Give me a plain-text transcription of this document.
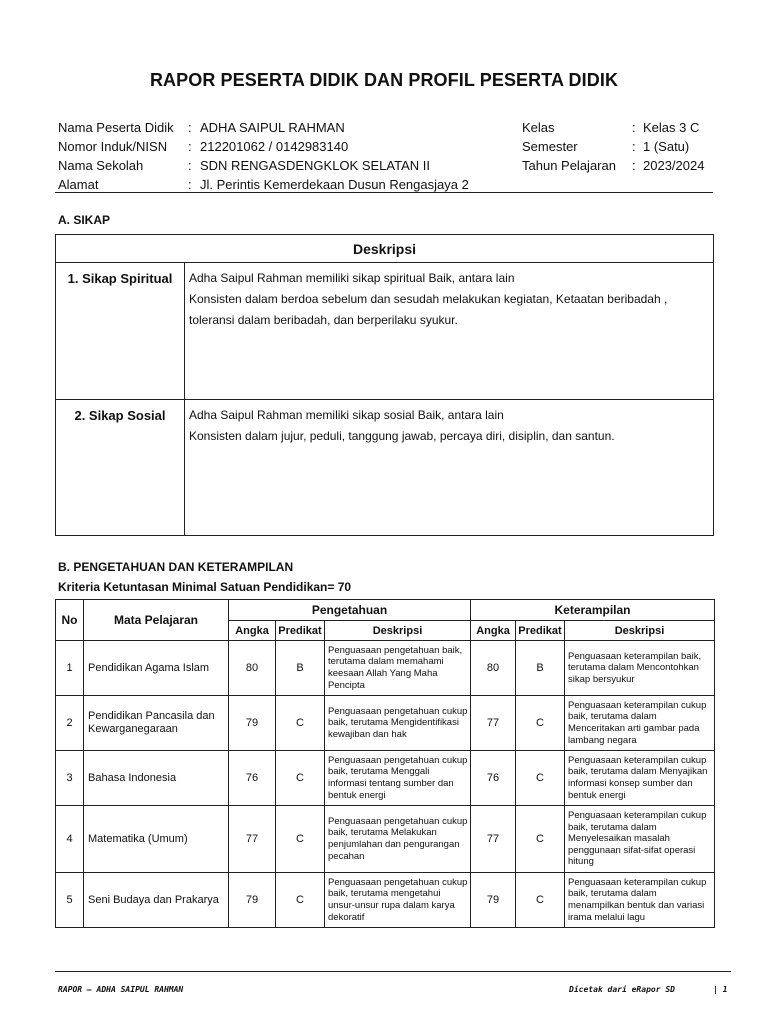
RAPOR PESERTA DIDIK DAN PROFIL PESERTA DIDIK
Nama Peserta Didik	: ADHA SAIPUL RAHMAN
Nomor Induk/NISN	: 212201062 / 0142983140
Nama Sekolah	: SDN RENGASDENGKLOK SELATAN II
Alamat	: Jl. Perintis Kemerdekaan Dusun Rengasjaya 2
Kelas	: Kelas 3 C
Semester	: 1 (Satu)
Tahun Pelajaran	: 2023/2024
A. SIKAP
Deskripsi	
1. Sikap Spiritual	Adha Saipul Rahman memiliki sikap spiritual Baik, antara lain
Konsisten dalam berdoa sebelum dan sesudah melakukan kegiatan, Ketaatan beribadah ,
toleransi dalam beribadah, dan berperilaku syukur.

2. Sikap Sosial	Adha Saipul Rahman memiliki sikap sosial Baik, antara lain
Konsisten dalam jujur, peduli, tanggung jawab, percaya diri, disiplin, dan santun.
B. PENGETAHUAN DAN KETERAMPILAN
Kriteria Ketuntasan Minimal Satuan Pendidikan= 70
No	Mata Pelajaran	Pengetahuan			Keterampilan		
		Angka	Predikat	Deskripsi	Angka	Predikat	Deskripsi
1	Pendidikan Agama Islam	80	B	Penguasaan pengetahuan baik, terutama dalam memahami keesaan Allah Yang Maha Pencipta	80	B	Penguasaan keterampilan baik, terutama dalam Mencontohkan sikap bersyukur
2	Pendidikan Pancasila dan Kewarganegaraan	79	C	Penguasaan pengetahuan cukup baik, terutama Mengidentifikasi kewajiban dan hak	77	C	Penguasaan keterampilan cukup baik, terutama dalam Menceritakan arti gambar pada lambang negara
3	Bahasa Indonesia	76	C	Penguasaan pengetahuan cukup baik, terutama Menggali informasi tentang sumber dan bentuk energi	76	C	Penguasaan keterampilan cukup baik, terutama dalam Menyajikan informasi konsep sumber dan bentuk energi
4	Matematika (Umum)	77	C	Penguasaan pengetahuan cukup baik, terutama Melakukan penjumlahan dan pengurangan pecahan	77	C	Penguasaan keterampilan cukup baik, terutama dalam Menyelesaikan masalah penggunaan sifat-sifat operasi hitung
5	Seni Budaya dan Prakarya	79	C	Penguasaan pengetahuan cukup baik, terutama mengetahui unsur-unsur rupa dalam karya dekoratif	79	C	Penguasaan keterampilan cukup baik, terutama dalam menampilkan bentuk dan variasi irama melalui lagu
RAPOR – ADHA SAIPUL RAHMAN	Dicetak dari eRapor SD	| 1
